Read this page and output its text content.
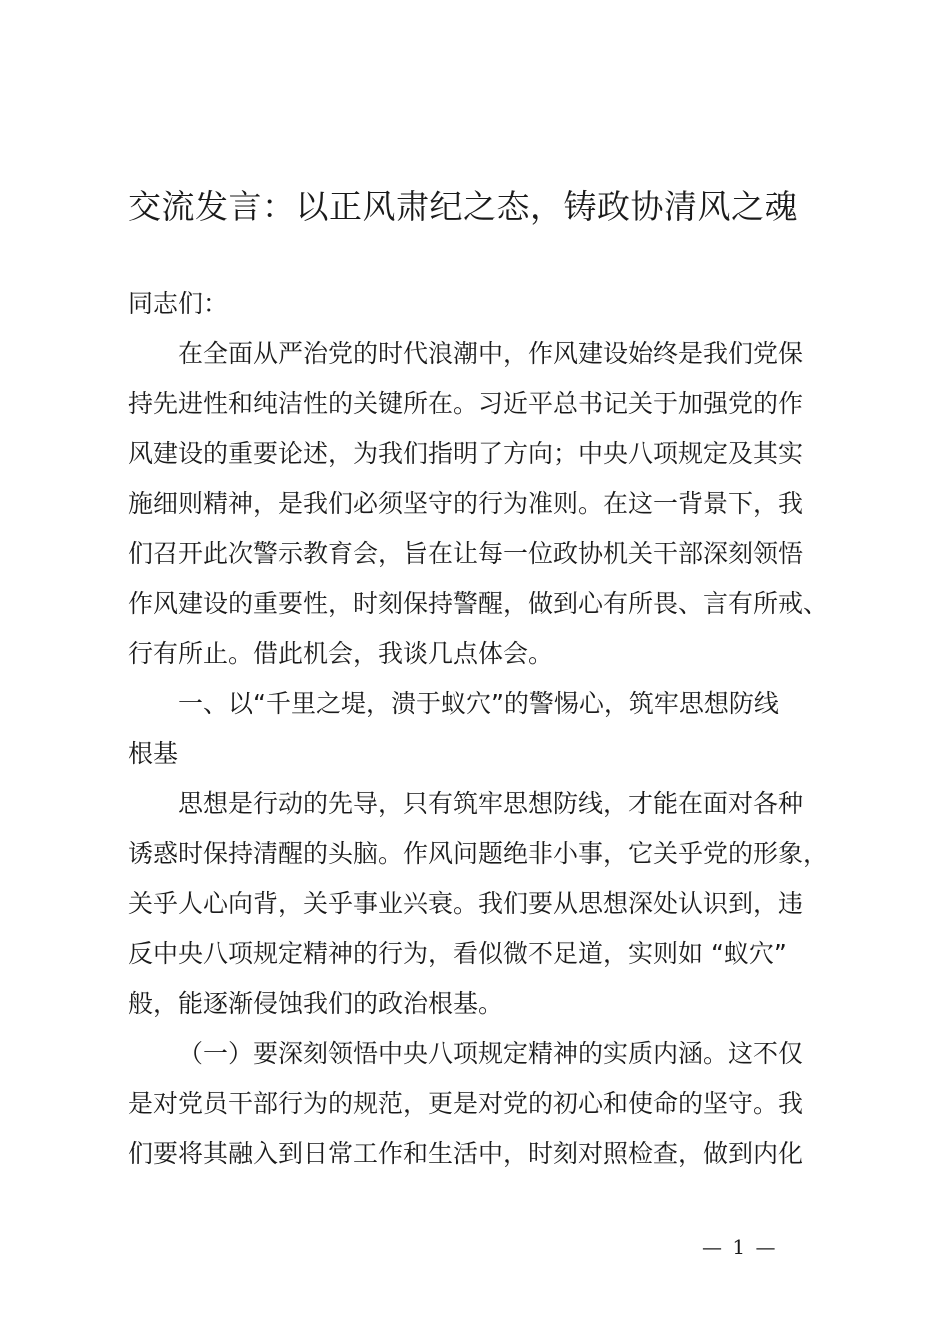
交流发言：以正风肃纪之态，铸政协清风之魂

同志们：

在全面从严治党的时代浪潮中，作风建设始终是我们党保

持先进性和纯洁性的关键所在。习近平总书记关于加强党的作

风建设的重要论述，为我们指明了方向；中央八项规定及其实

施细则精神，是我们必须坚守的行为准则。在这一背景下，我

们召开此次警示教育会，旨在让每一位政协机关干部深刻领悟

作风建设的重要性，时刻保持警醒，做到心有所畏、言有所戒、

行有所止。借此机会，我谈几点体会。

一、以“千里之堤，溃于蚁穴”的警惕心，筑牢思想防线

根基

思想是行动的先导，只有筑牢思想防线，才能在面对各种

诱惑时保持清醒的头脑。作风问题绝非小事，它关乎党的形象，

关乎人心向背，关乎事业兴衰。我们要从思想深处认识到，违

反中央八项规定精神的行为，看似微不足道，实则如 “蚁穴”

般，能逐渐侵蚀我们的政治根基。

（一）要深刻领悟中央八项规定精神的实质内涵。这不仅

是对党员干部行为的规范，更是对党的初心和使命的坚守。我

们要将其融入到日常工作和生活中，时刻对照检查，做到内化

— 1 —
